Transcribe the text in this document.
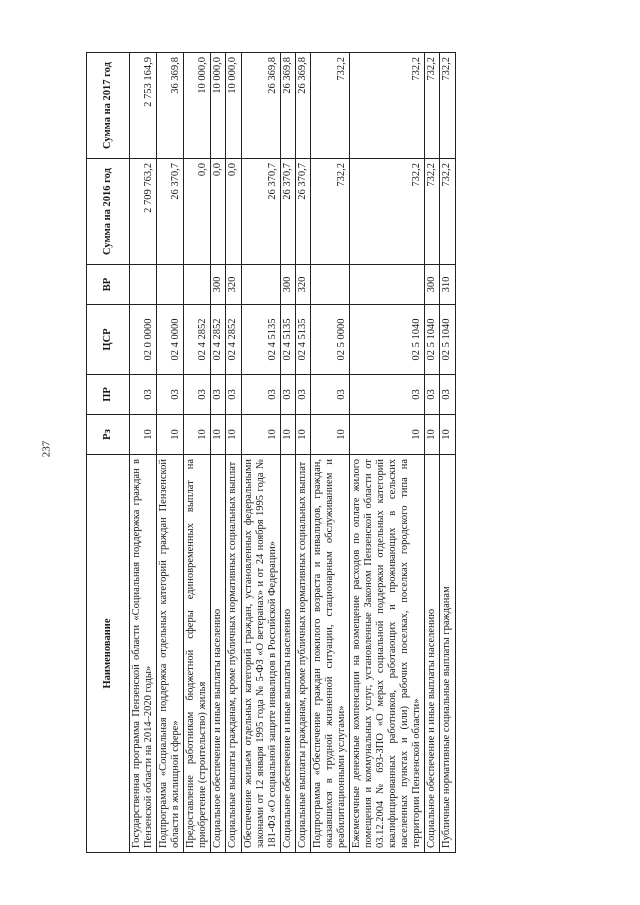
237
Наименование	Рз	ПР	ЦСР	ВР	Сумма на 2016 год	Сумма на 2017 год
Государственная программа Пензенской области «Социальная поддержка граждан в Пензенской области на 2014–2020 годы»	10	03	02 0 0000		2 709 763,2	2 753 164,9
Подпрограмма «Социальная поддержка отдельных категорий граждан Пензенской области в жилищной сфере»	10	03	02 4 0000		26 370,7	36 369,8
Предоставление работникам бюджетной сферы единовременных выплат на приобретение (строительство) жилья	10	03	02 4 2852		0,0	10 000,0
Социальное обеспечение и иные выплаты населению	10	03	02 4 2852	300	0,0	10 000,0
Социальные выплаты гражданам, кроме публичных нормативных социальных выплат	10	03	02 4 2852	320	0,0	10 000,0
Обеспечение жильем отдельных категорий граждан, установленных федеральными законами от 12 января 1995 года № 5-ФЗ «О ветеранах» и от 24 ноября 1995 года № 181-ФЗ «О социальной защите инвалидов в Российской Федерации»	10	03	02 4 5135		26 370,7	26 369,8
Социальное обеспечение и иные выплаты населению	10	03	02 4 5135	300	26 370,7	26 369,8
Социальные выплаты гражданам, кроме публичных нормативных социальных выплат	10	03	02 4 5135	320	26 370,7	26 369,8
Подпрограмма «Обеспечение граждан пожилого возраста и инвалидов, граждан, оказавшихся в трудной жизненной ситуации, стационарным обслуживанием и реабилитационными услугами»	10	03	02 5 0000		732,2	732,2
Ежемесячные денежные компенсации на возмещение расходов по оплате жилого помещения и коммунальных услуг, установленные Законом Пензенской области от 03.12.2004 № 693-ЗПО «О мерах социальной поддержки отдельных категорий квалифицированных работников, работающих и проживающих в сельских населенных пунктах и (или) рабочих поселках, поселках городского типа на территории Пензенской области»	10	03	02 5 1040		732,2	732,2
Социальное обеспечение и иные выплаты населению	10	03	02 5 1040	300	732,2	732,2
Публичные нормативные социальные выплаты гражданам	10	03	02 5 1040	310	732,2	732,2
